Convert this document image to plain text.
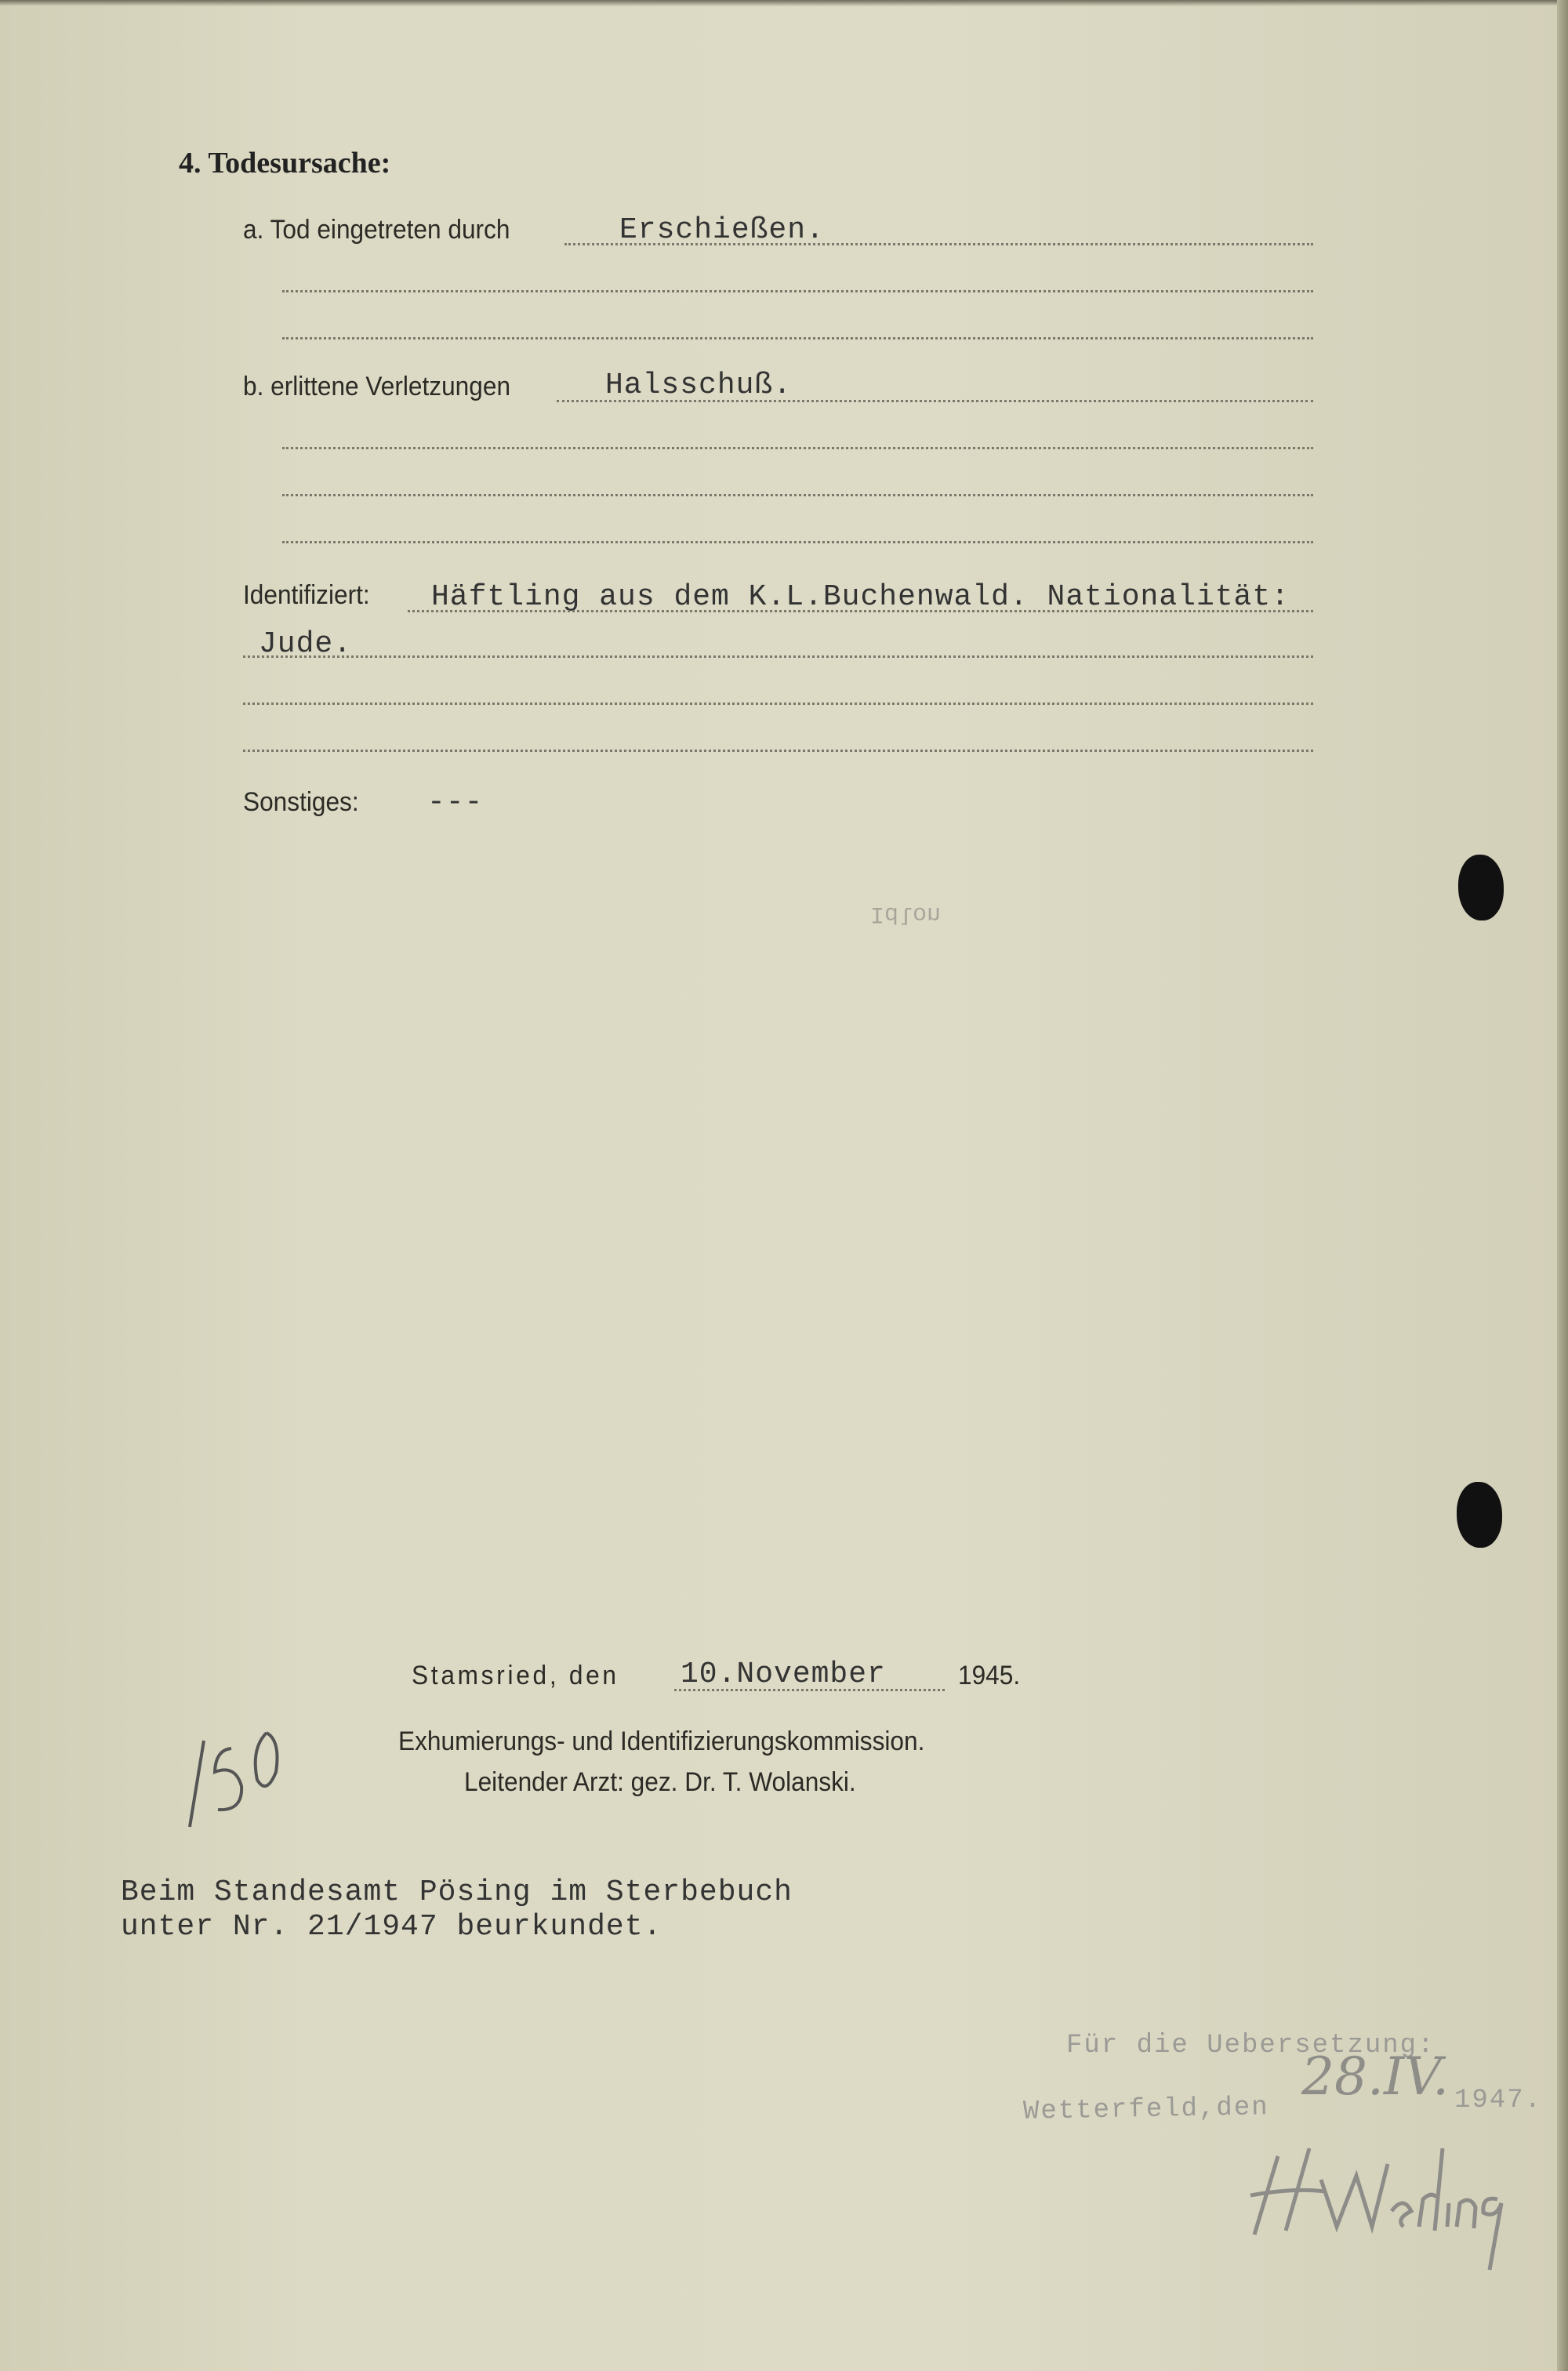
4. Todesursache:
a. Tod eingetreten durch	Erschießen.
b. erlittene Verletzungen	Halsschuß.
Identifiziert: Häftling aus dem K.L.Buchenwald. Nationalität:
Jude.
Sonstiges: ---
Idlon
Stamsried, den 10.November	1945.
Exhumierungs- und Identifizierungskommission.
Leitender Arzt: gez. Dr. T. Wolanski.
Beim Standesamt Pösing im Sterbebuch
unter Nr. 21/1947 beurkundet.
Für die Uebersetzung:
Wetterfeld,den
28.IV. 1947.
